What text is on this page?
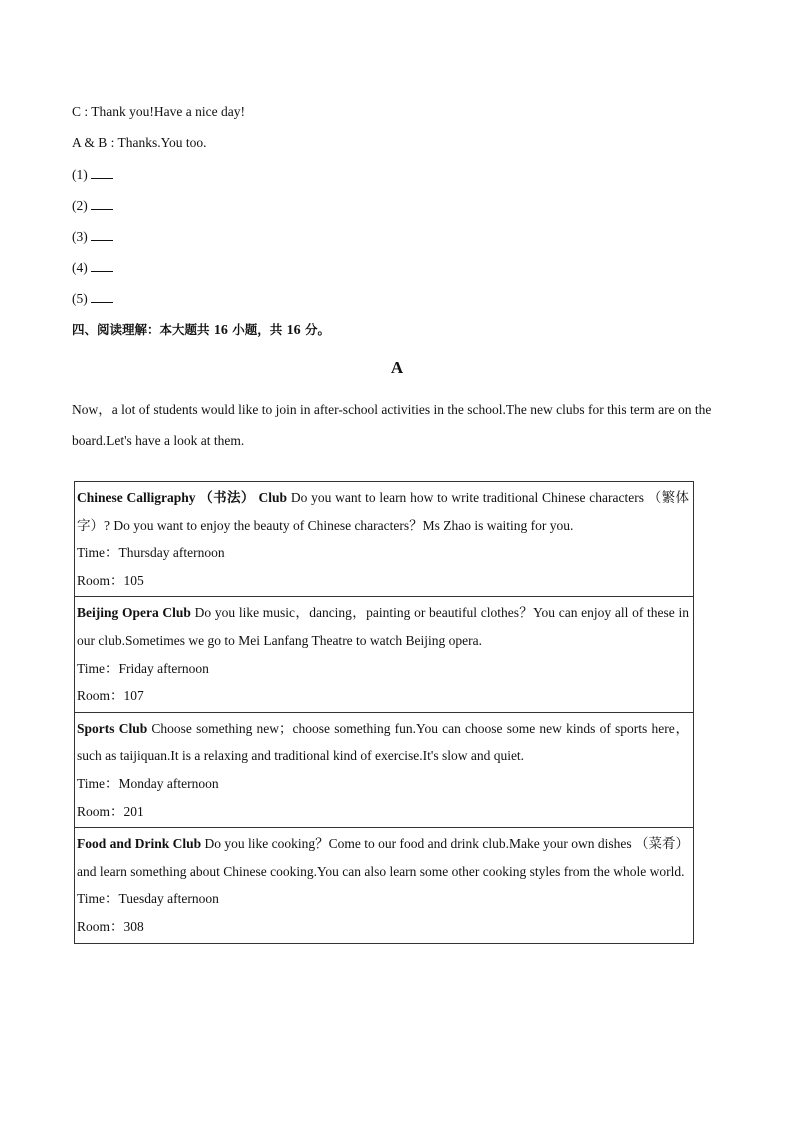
C : Thank you!Have a nice day!
A & B : Thanks.You too.
(1)
(2)
(3)
(4)
(5)
四、阅读理解：本大题共 16 小题，共 16 分。
A
Now，a lot of students would like to join in after-school activities in the school.The new clubs for this term are on the board.Let's have a look at them.
Chinese Calligraphy （书法） Club Do you want to learn how to write traditional Chinese characters （繁体字）? Do you want to enjoy the beauty of Chinese characters？Ms Zhao is waiting for you.
Time：Thursday afternoon
Room：105
Beijing Opera Club Do you like music，dancing，painting or beautiful clothes？You can enjoy all of these in our club.Sometimes we go to Mei Lanfang Theatre to watch Beijing opera.
Time：Friday afternoon
Room：107
Sports Club Choose something new；choose something fun.You can choose some new kinds of sports here，such as taijiquan.It is a relaxing and traditional kind of exercise.It's slow and quiet.
Time：Monday afternoon
Room：201
Food and Drink Club Do you like cooking？Come to our food and drink club.Make your own dishes （菜肴） and learn something about Chinese cooking.You can also learn some other cooking styles from the whole world.
Time：Tuesday afternoon
Room：308
